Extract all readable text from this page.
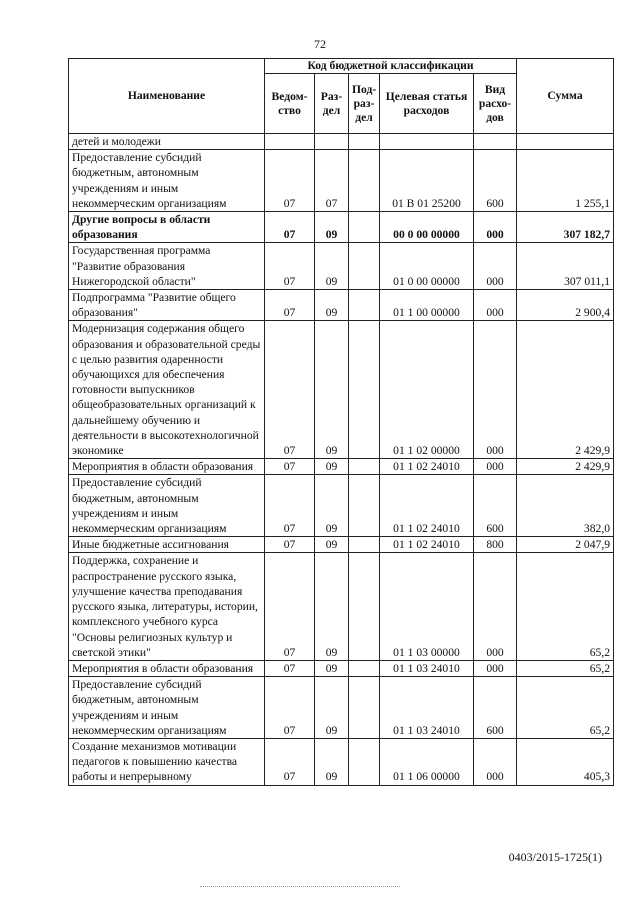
72
Наименование	Код бюджетной классификации					Сумма
	Ведом-ство	Раз-дел	Под-раз-дел	Целевая статья расходов	Вид расхо-дов	
детей и молодежи						
Предоставление субсидий бюджетным, автономным учреждениям и иным некоммерческим организациям	07	07		01 В 01 25200	600	1 255,1
Другие вопросы в области образования	07	09		00 0 00 00000	000	307 182,7
Государственная программа "Развитие образования Нижегородской области"	07	09		01 0 00 00000	000	307 011,1
Подпрограмма "Развитие общего образования"	07	09		01 1 00 00000	000	2 900,4
Модернизация содержания общего образования и образовательной среды с целью развития одаренности обучающихся для обеспечения готовности выпускников общеобразовательных организаций к дальнейшему обучению и деятельности в высокотехнологичной экономике	07	09		01 1 02 00000	000	2 429,9
Мероприятия в области образования	07	09		01 1 02 24010	000	2 429,9
Предоставление субсидий бюджетным, автономным учреждениям и иным некоммерческим организациям	07	09		01 1 02 24010	600	382,0
Иные бюджетные ассигнования	07	09		01 1 02 24010	800	2 047,9
Поддержка, сохранение и распространение русского языка, улучшение качества преподавания русского языка, литературы, истории, комплексного учебного курса "Основы религиозных культур и светской этики"	07	09		01 1 03 00000	000	65,2
Мероприятия в области образования	07	09		01 1 03 24010	000	65,2
Предоставление субсидий бюджетным, автономным учреждениям и иным некоммерческим организациям	07	09		01 1 03 24010	600	65,2
Создание механизмов мотивации педагогов к повышению качества работы и непрерывному	07	09		01 1 06 00000	000	405,3
0403/2015-1725(1)
